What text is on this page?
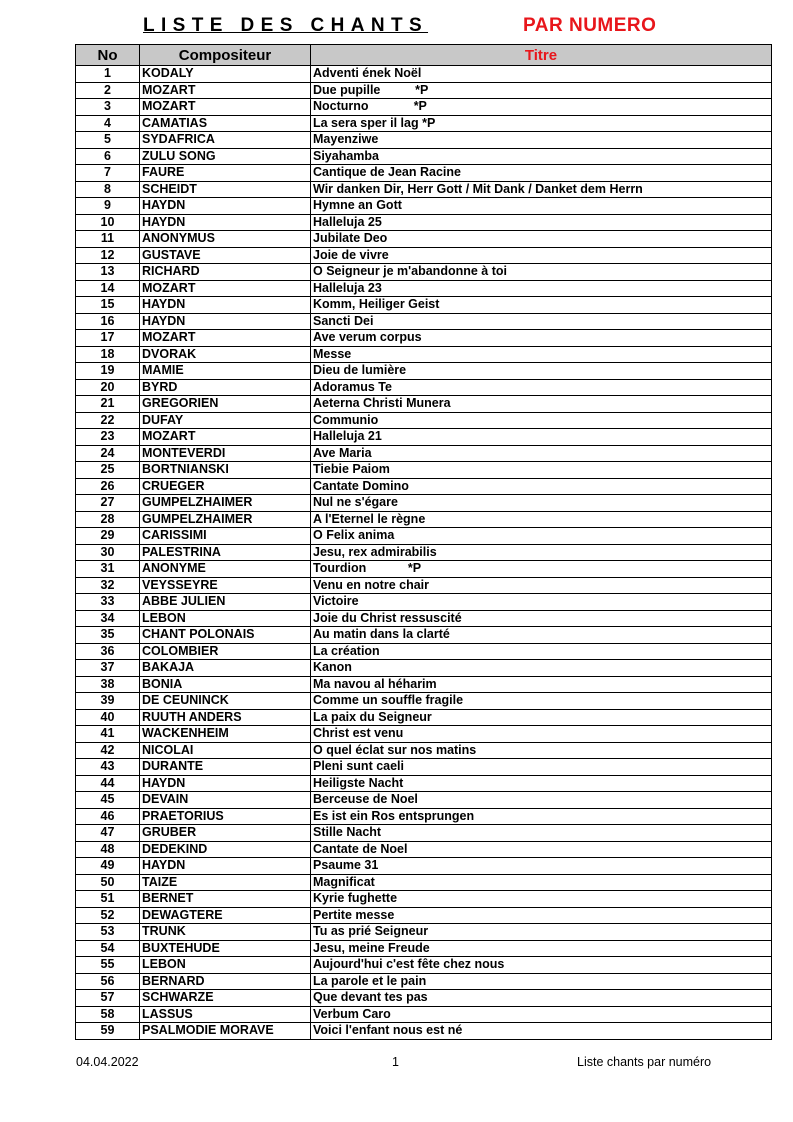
LISTE DES CHANTS	PAR NUMERO
No	Compositeur	Titre
1	KODALY	Adventi ének Noël
2	MOZART	Due pupille          *P
3	MOZART	Nocturno             *P
4	CAMATIAS	La sera sper il lag *P
5	SYDAFRICA	Mayenziwe
6	ZULU SONG	Siyahamba
7	FAURE	Cantique de Jean Racine
8	SCHEIDT	Wir danken Dir, Herr Gott / Mit Dank / Danket dem Herrn
9	HAYDN	Hymne an Gott
10	HAYDN	Halleluja 25
11	ANONYMUS	Jubilate Deo
12	GUSTAVE	Joie de vivre
13	RICHARD	O Seigneur je m'abandonne à toi
14	MOZART	Halleluja 23
15	HAYDN	Komm, Heiliger Geist
16	HAYDN	Sancti Dei
17	MOZART	Ave verum corpus
18	DVORAK	Messe
19	MAMIE	Dieu de lumière
20	BYRD	Adoramus Te
21	GREGORIEN	Aeterna Christi Munera
22	DUFAY	Communio
23	MOZART	Halleluja 21
24	MONTEVERDI	Ave Maria
25	BORTNIANSKI	Tiebie Paiom
26	CRUEGER	Cantate Domino
27	GUMPELZHAIMER	Nul ne s'égare
28	GUMPELZHAIMER	A l'Eternel le règne
29	CARISSIMI	O Felix anima
30	PALESTRINA	Jesu, rex admirabilis
31	ANONYME	Tourdion            *P
32	VEYSSEYRE	Venu en notre chair
33	ABBE JULIEN	Victoire
34	LEBON	Joie du Christ ressuscité
35	CHANT POLONAIS	Au matin dans la clarté
36	COLOMBIER	La création
37	BAKAJA	Kanon
38	BONIA	Ma navou al héharim
39	DE CEUNINCK	Comme un souffle fragile
40	RUUTH ANDERS	La paix du Seigneur
41	WACKENHEIM	Christ est venu
42	NICOLAI	O quel éclat sur nos matins
43	DURANTE	Pleni sunt caeli
44	HAYDN	Heiligste Nacht
45	DEVAIN	Berceuse de Noel
46	PRAETORIUS	Es ist ein Ros entsprungen
47	GRUBER	Stille Nacht
48	DEDEKIND	Cantate de Noel
49	HAYDN	Psaume 31
50	TAIZE	Magnificat
51	BERNET	Kyrie fughette
52	DEWAGTERE	Pertite messe
53	TRUNK	Tu as prié Seigneur
54	BUXTEHUDE	Jesu, meine Freude
55	LEBON	Aujourd'hui c'est fête chez nous
56	BERNARD	La parole et le pain
57	SCHWARZE	Que devant tes pas
58	LASSUS	Verbum Caro
59	PSALMODIE MORAVE	Voici l'enfant nous est né
04.04.2022	1	Liste chants par numéro
